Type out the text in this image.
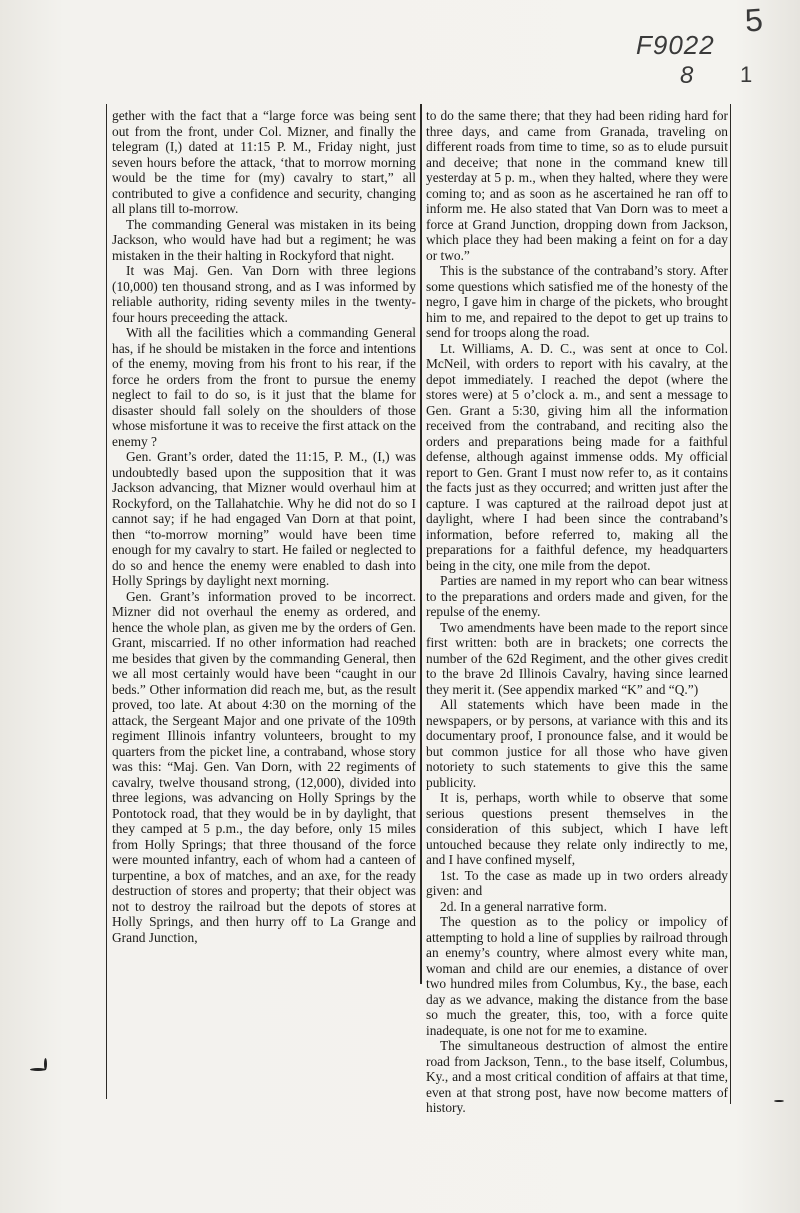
5
F9022
8 1

gether with the fact that a “large force was being sent out from the front, under Col. Mizner, and finally the telegram (I,) dated at 11:15 P. M., Friday night, just seven hours before the attack, ‘that to morrow morning would be the time for (my) cavalry to start,” all contributed to give a confidence and security, changing all plans till to-morrow.

The commanding General was mistaken in its being Jackson, who would have had but a regiment; he was mistaken in the their halting in Rockyford that night.

It was Maj. Gen. Van Dorn with three legions (10,000) ten thousand strong, and as I was informed by reliable authority, riding seventy miles in the twenty-four hours preceeding the attack.

With all the facilities which a commanding General has, if he should be mistaken in the force and intentions of the enemy, moving from his front to his rear, if the force he orders from the front to pursue the enemy neglect to fail to do so, is it just that the blame for disaster should fall solely on the shoulders of those whose misfortune it was to receive the first attack on the enemy ?

Gen. Grant’s order, dated the 11:15, P. M., (I,) was undoubtedly based upon the supposition that it was Jackson advancing, that Mizner would overhaul him at Rockyford, on the Tallahatchie. Why he did not do so I cannot say; if he had engaged Van Dorn at that point, then “to-morrow morning” would have been time enough for my cavalry to start. He failed or neglected to do so and hence the enemy were enabled to dash into Holly Springs by daylight next morning.

Gen. Grant’s information proved to be incorrect. Mizner did not overhaul the enemy as ordered, and hence the whole plan, as given me by the orders of Gen. Grant, miscarried. If no other information had reached me besides that given by the commanding General, then we all most certainly would have been “caught in our beds.” Other information did reach me, but, as the result proved, too late. At about 4:30 on the morning of the attack, the Sergeant Major and one private of the 109th regiment Illinois infantry volunteers, brought to my quarters from the picket line, a contraband, whose story was this: “Maj. Gen. Van Dorn, with 22 regiments of cavalry, twelve thousand strong, (12,000), divided into three legions, was advancing on Holly Springs by the Pontotock road, that they would be in by daylight, that they camped at 5 p.m., the day before, only 15 miles from Holly Springs; that three thousand of the force were mounted infantry, each of whom had a canteen of turpentine, a box of matches, and an axe, for the ready destruction of stores and property; that their object was not to destroy the railroad but the depots of stores at Holly Springs, and then hurry off to La Grange and Grand Junction,

to do the same there; that they had been riding hard for three days, and came from Granada, traveling on different roads from time to time, so as to elude pursuit and deceive; that none in the command knew till yesterday at 5 p. m., when they halted, where they were coming to; and as soon as he ascertained he ran off to inform me. He also stated that Van Dorn was to meet a force at Grand Junction, dropping down from Jackson, which place they had been making a feint on for a day or two.”

This is the substance of the contraband’s story. After some questions which satisfied me of the honesty of the negro, I gave him in charge of the pickets, who brought him to me, and repaired to the depot to get up trains to send for troops along the road.

Lt. Williams, A. D. C., was sent at once to Col. McNeil, with orders to report with his cavalry, at the depot immediately. I reached the depot (where the stores were) at 5 o’clock a. m., and sent a message to Gen. Grant a 5:30, giving him all the information received from the contraband, and reciting also the orders and preparations being made for a faithful defense, although against immense odds. My official report to Gen. Grant I must now refer to, as it contains the facts just as they occurred; and written just after the capture. I was captured at the railroad depot just at daylight, where I had been since the contraband’s information, before referred to, making all the preparations for a faithful defence, my headquarters being in the city, one mile from the depot.

Parties are named in my report who can bear witness to the preparations and orders made and given, for the repulse of the enemy.

Two amendments have been made to the report since first written: both are in brackets; one corrects the number of the 62d Regiment, and the other gives credit to the brave 2d Illinois Cavalry, having since learned they merit it. (See appendix marked “K” and “Q.”)

All statements which have been made in the newspapers, or by persons, at variance with this and its documentary proof, I pronounce false, and it would be but common justice for all those who have given notoriety to such statements to give this the same publicity.

It is, perhaps, worth while to observe that some serious questions present themselves in the consideration of this subject, which I have left untouched because they relate only indirectly to me, and I have confined myself,

1st. To the case as made up in two orders already given: and

2d. In a general narrative form.

The question as to the policy or impolicy of attempting to hold a line of supplies by railroad through an enemy’s country, where almost every white man, woman and child are our enemies, a distance of over two hundred miles from Columbus, Ky., the base, each day as we advance, making the distance from the base so much the greater, this, too, with a force quite inadequate, is one not for me to examine.

The simultaneous destruction of almost the entire road from Jackson, Tenn., to the base itself, Columbus, Ky., and a most critical condition of affairs at that time, even at that strong post, have now become matters of history.
